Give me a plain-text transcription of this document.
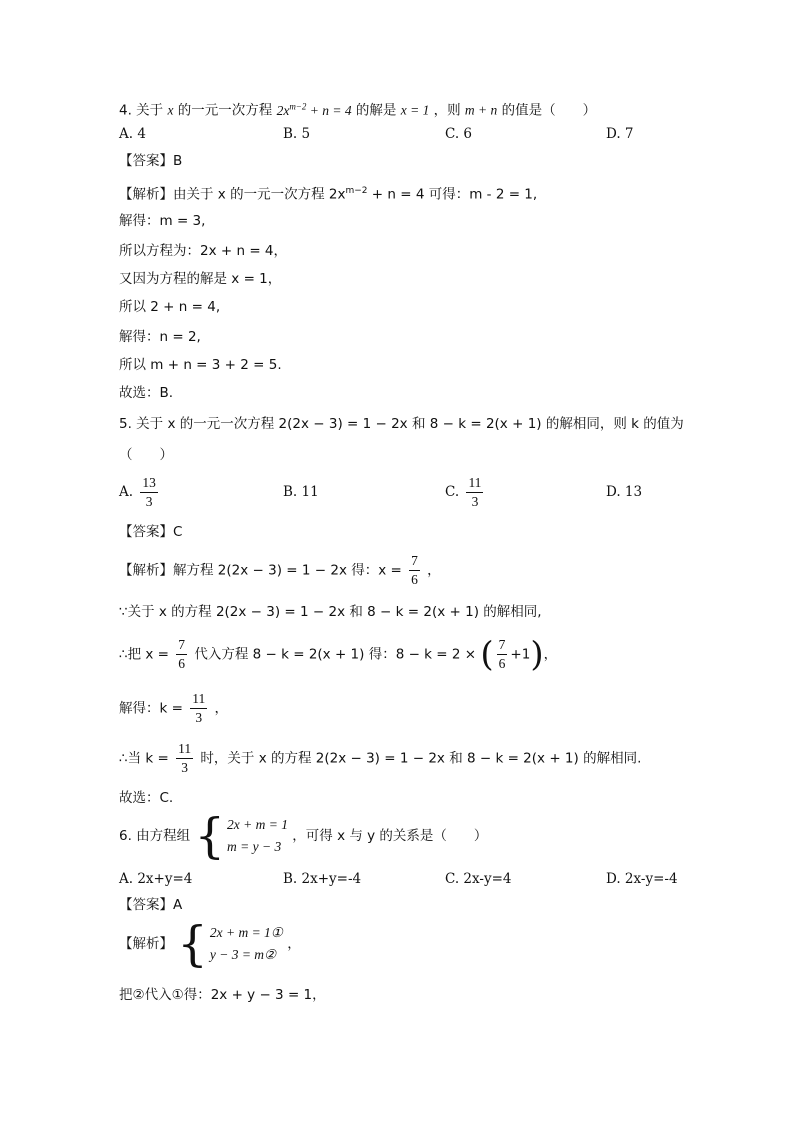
4. 关于 x 的一元一次方程 $2x^{m-2} + n = 4$ 的解是 x = 1 ，则 m + n 的值是（　　）
A. 4	B. 5	C. 6	D. 7
【答案】B
【解析】由关于 x 的一元一次方程 $2x^{m-2} + n = 4$ 可得：m - 2 = 1,
解得：m = 3,
所以方程为：2x + n = 4，
又因为方程的解是 x = 1，
所以 2 + n = 4,
解得：n = 2,
所以 m + n = 3 + 2 = 5.
故选：B.
5. 关于 x 的一元一次方程 2(2x − 3) = 1 − 2x 和 8 − k = 2(x + 1) 的解相同，则 k 的值为
（　　）
A. $\frac{13}{3}$	B. 11	C. $\frac{11}{3}$	D. 13
【答案】C
【解析】解方程 2(2x − 3) = 1 − 2x 得：$x = \frac{7}{6}$ ，
∵关于 x 的方程 2(2x − 3) = 1 − 2x 和 8 − k = 2(x + 1) 的解相同,
∴把 $x = \frac{7}{6}$ 代入方程 8 − k = 2(x + 1) 得：8 − k = 2 × ( $\frac{7}{6} +1$)，
解得：$k = \frac{11}{3}$ ，
∴当 $k = \frac{11}{3}$ 时，关于 x 的方程 2(2x − 3) = 1 − 2x 和 8 − k = 2(x + 1) 的解相同.
故选：C.
6. 由方程组 { 2x + m = 1
m = y − 3
，可得 x 与 y 的关系是（　　）
A. 2x+y=4	B. 2x+y=-4	C. 2x-y=4	D. 2x-y=-4
【答案】A
【解析】 { 2x + m = 1①
y − 3 = m②
，
把②代入①得：2x + y − 3 = 1，
